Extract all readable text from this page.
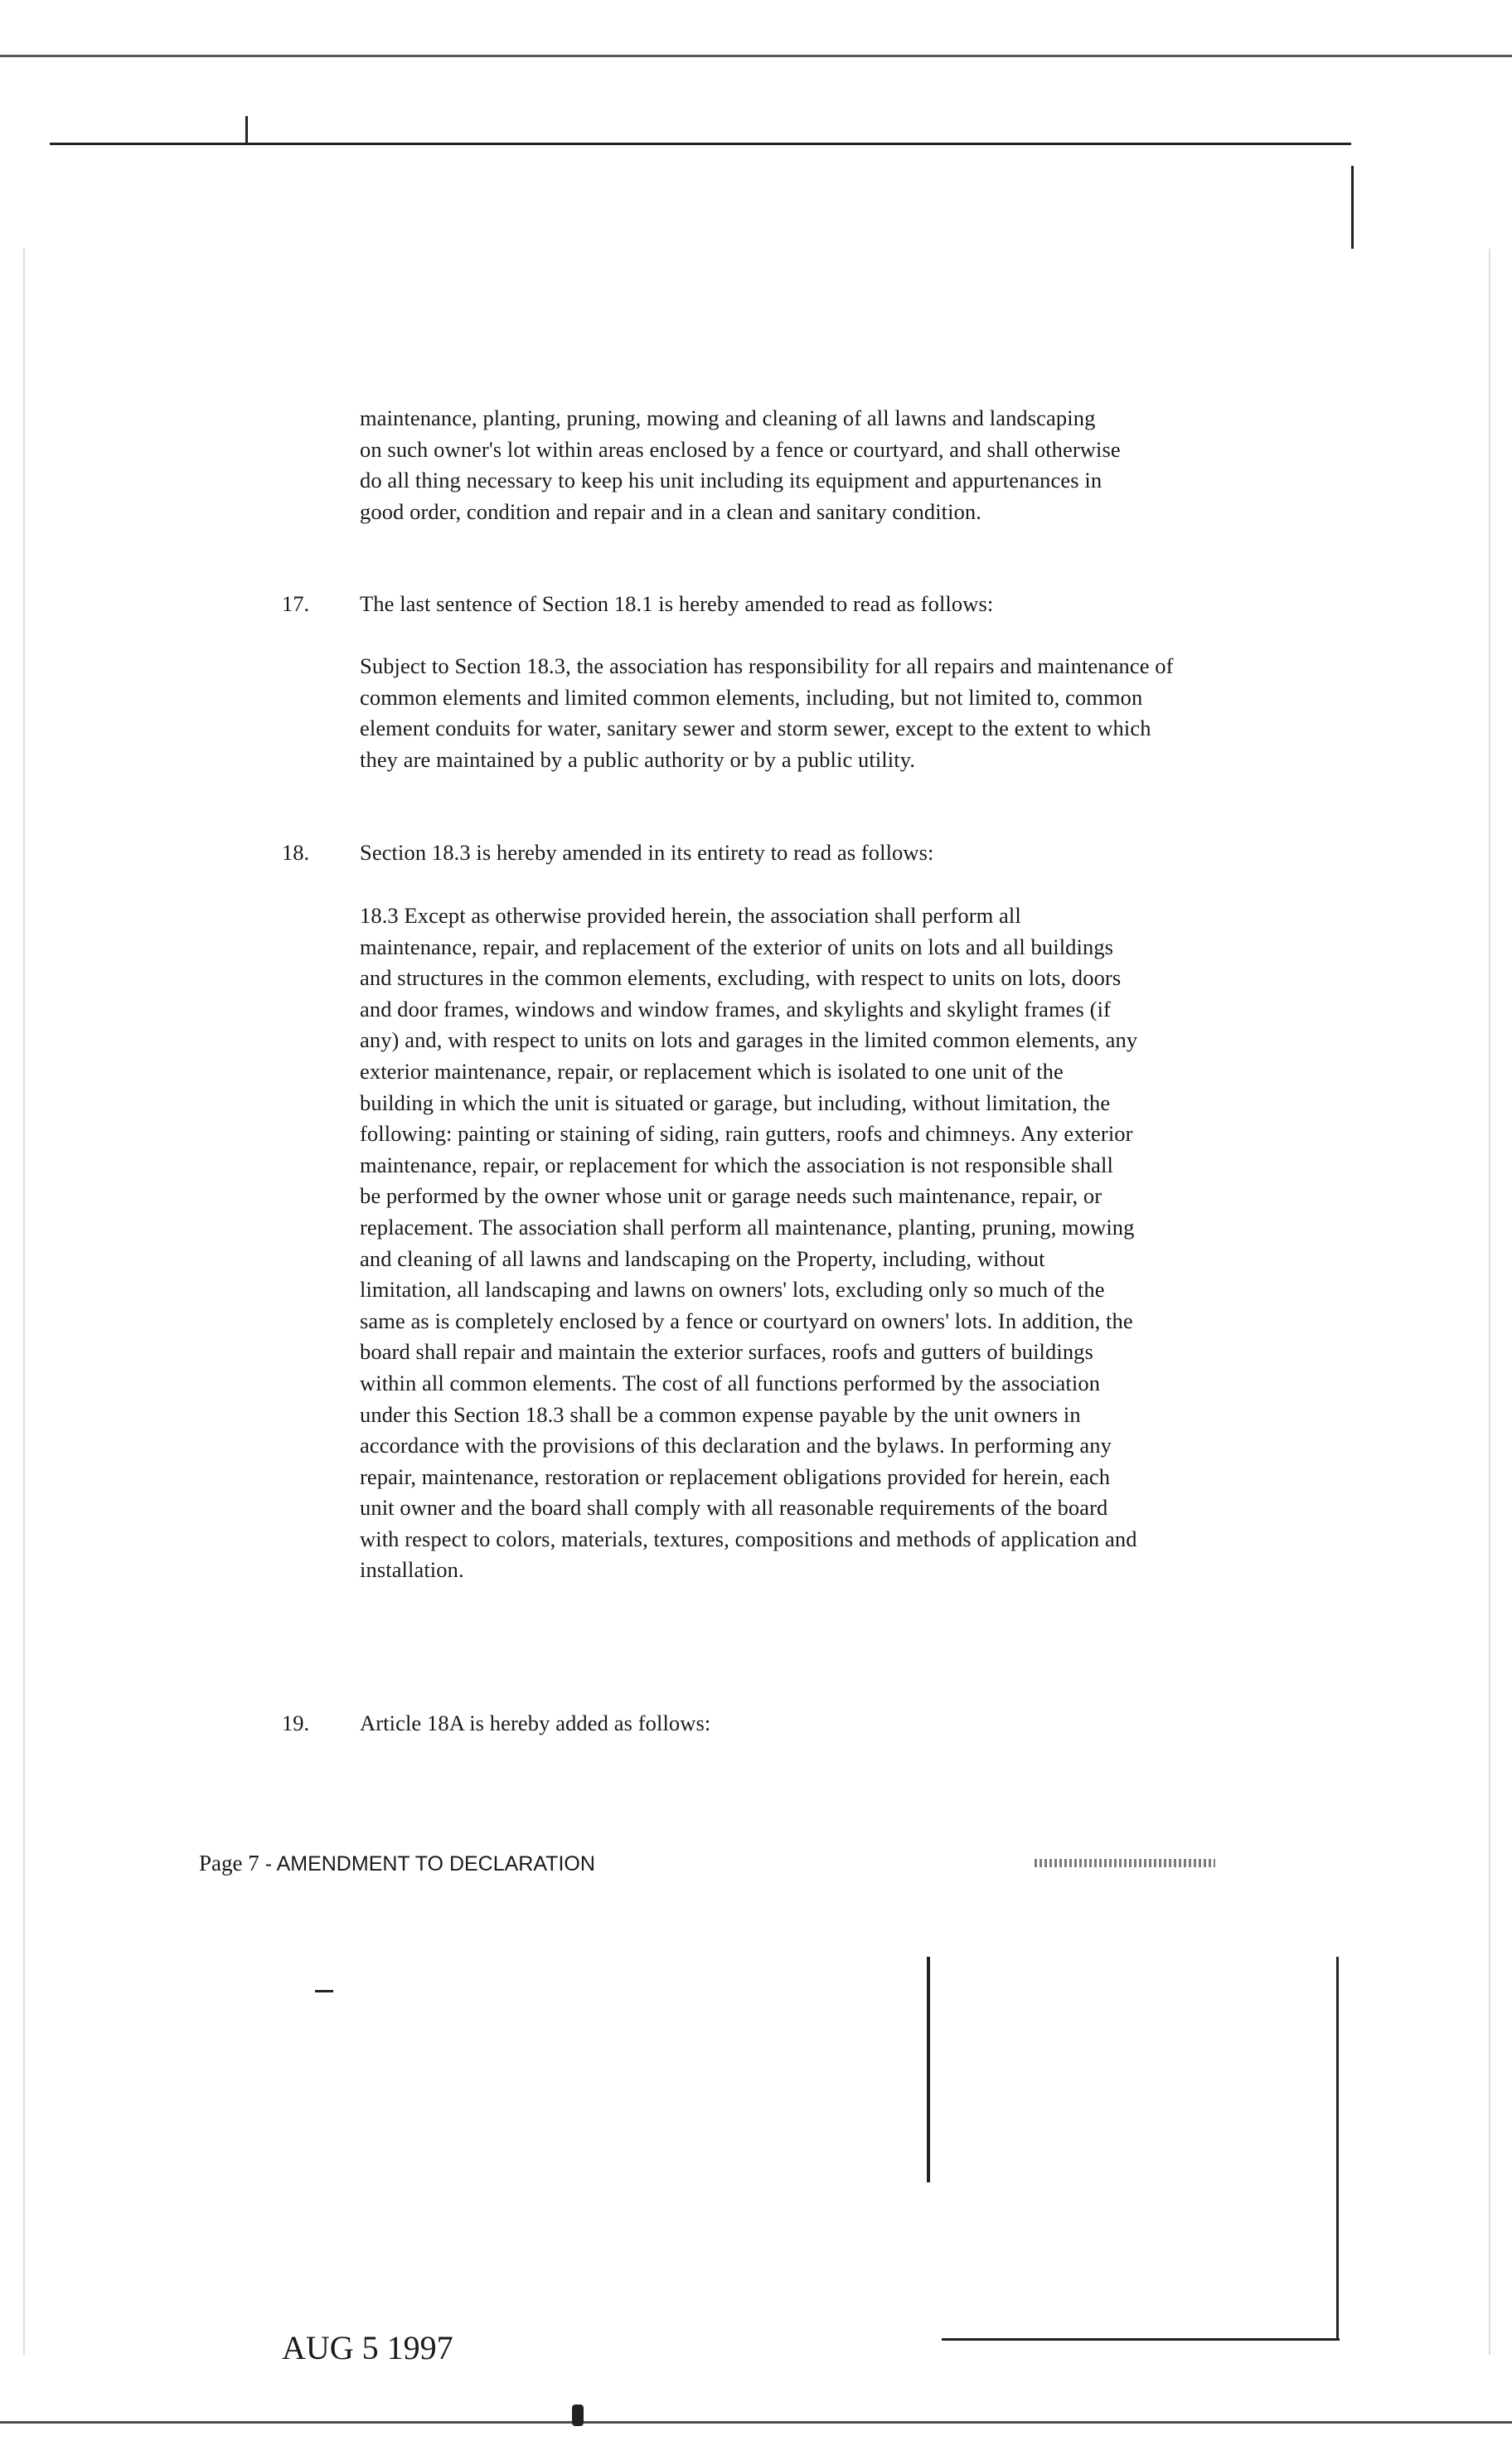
maintenance, planting, pruning, mowing and cleaning of all lawns and landscaping on such owner's lot within areas enclosed by a fence or courtyard, and shall otherwise do all thing necessary to keep his unit including its equipment and appurtenances in good order, condition and repair and in a clean and sanitary condition.

17. The last sentence of Section 18.1 is hereby amended to read as follows:

Subject to Section 18.3, the association has responsibility for all repairs and maintenance of common elements and limited common elements, including, but not limited to, common element conduits for water, sanitary sewer and storm sewer, except to the extent to which they are maintained by a public authority or by a public utility.

18. Section 18.3 is hereby amended in its entirety to read as follows:

18.3 Except as otherwise provided herein, the association shall perform all maintenance, repair, and replacement of the exterior of units on lots and all buildings and structures in the common elements, excluding, with respect to units on lots, doors and door frames, windows and window frames, and skylights and skylight frames (if any) and, with respect to units on lots and garages in the limited common elements, any exterior maintenance, repair, or replacement which is isolated to one unit of the building in which the unit is situated or garage, but including, without limitation, the following: painting or staining of siding, rain gutters, roofs and chimneys. Any exterior maintenance, repair, or replacement for which the association is not responsible shall be performed by the owner whose unit or garage needs such maintenance, repair, or replacement. The association shall perform all maintenance, planting, pruning, mowing and cleaning of all lawns and landscaping on the Property, including, without limitation, all landscaping and lawns on owners' lots, excluding only so much of the same as is completely enclosed by a fence or courtyard on owners' lots. In addition, the board shall repair and maintain the exterior surfaces, roofs and gutters of buildings within all common elements. The cost of all functions performed by the association under this Section 18.3 shall be a common expense payable by the unit owners in accordance with the provisions of this declaration and the bylaws. In performing any repair, maintenance, restoration or replacement obligations provided for herein, each unit owner and the board shall comply with all reasonable requirements of the board with respect to colors, materials, textures, compositions and methods of application and installation.

19. Article 18A is hereby added as follows:

Page 7 - AMENDMENT TO DECLARATION
AUG 5 1997
